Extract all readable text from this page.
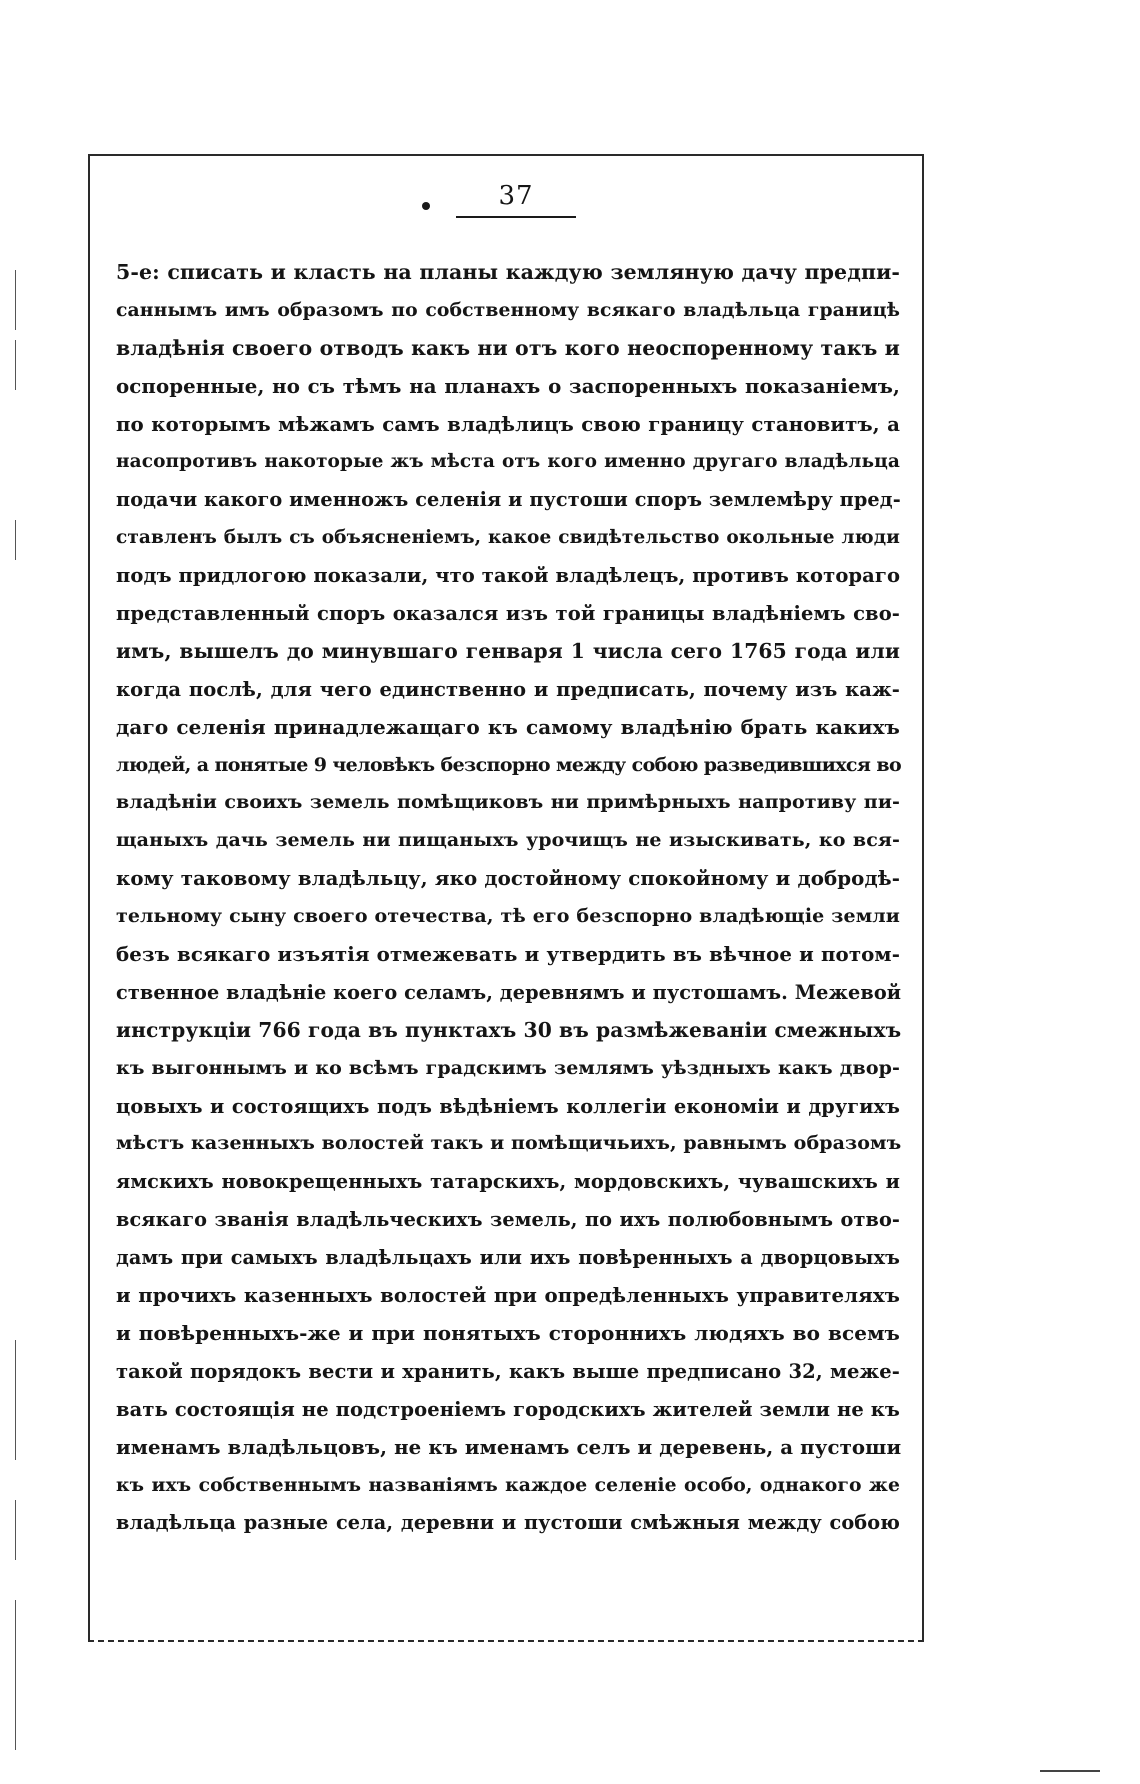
37
5-е: списать и класть на планы каждую земляную дачу предпи-
саннымъ имъ образомъ по собственному всякаго владѣльца границѣ
владѣнія своего отводъ какъ ни отъ кого неоспоренному такъ и
оспоренные, но съ тѣмъ на планахъ о заспоренныхъ показаніемъ,
по которымъ мѣжамъ самъ владѣлицъ свою границу становитъ, а
насопротивъ накоторые жъ мѣста отъ кого именно другаго владѣльца
подачи какого именножъ селенія и пустоши споръ землемѣру пред-
ставленъ былъ съ объясненіемъ, какое свидѣтельство окольные люди
подъ придлогою показали, что такой владѣлецъ, противъ котораго
представленный споръ оказался изъ той границы владѣніемъ сво-
имъ, вышелъ до минувшаго генваря 1 числа сего 1765 года или
когда послѣ, для чего единственно и предписать, почему изъ каж-
даго селенія принадлежащаго къ самому владѣнію брать какихъ
людей, а понятые 9 человѣкъ безспорно между собою разведившихся во
владѣніи своихъ земель помѣщиковъ ни примѣрныхъ напротиву пи-
щаныхъ дачь земель ни пищаныхъ урочищъ не изыскивать, ко вся-
кому таковому владѣльцу, яко достойному спокойному и добродѣ-
тельному сыну своего отечества, тѣ его безспорно владѣющіе земли
безъ всякаго изъятія отмежевать и утвердить въ вѣчное и потом-
ственное владѣніе коего селамъ, деревнямъ и пустошамъ. Межевой
инструкціи 766 года въ пунктахъ 30 въ размѣжеваніи смежныхъ
къ выгоннымъ и ко всѣмъ градскимъ землямъ уѣздныхъ какъ двор-
цовыхъ и состоящихъ подъ вѣдѣніемъ коллегіи економіи и другихъ
мѣстъ казенныхъ волостей такъ и помѣщичьихъ, равнымъ образомъ
ямскихъ новокрещенныхъ татарскихъ, мордовскихъ, чувашскихъ и
всякаго званія владѣльческихъ земель, по ихъ полюбовнымъ отво-
дамъ при самыхъ владѣльцахъ или ихъ повѣренныхъ а дворцовыхъ
и прочихъ казенныхъ волостей при опредѣленныхъ управителяхъ
и повѣренныхъ-же и при понятыхъ стороннихъ людяхъ во всемъ
такой порядокъ вести и хранить, какъ выше предписано 32, меже-
вать состоящія не подстроеніемъ городскихъ жителей земли не къ
именамъ владѣльцовъ, не къ именамъ селъ и деревень, а пустоши
къ ихъ собственнымъ названіямъ каждое селеніе особо, однакого же
владѣльца разные села, деревни и пустоши смѣжныя между собою
